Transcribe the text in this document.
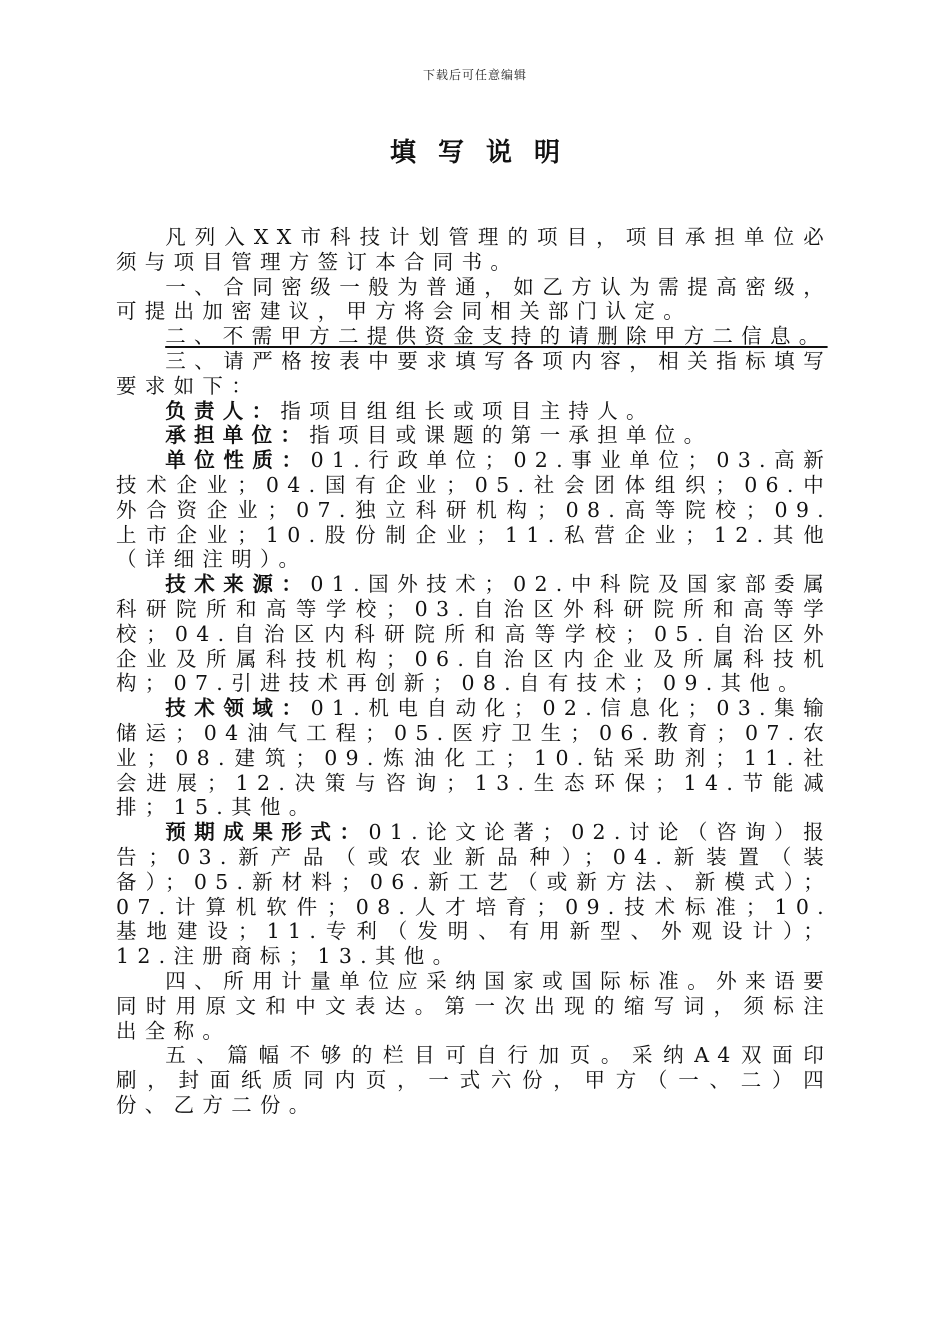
下载后可任意编辑
填写说明

凡列入XX市科技计划管理的项目，项目承担单位必须与项目管理方签订本合同书。

一、合同密级一般为普通，如乙方认为需提高密级，可提出加密建议，甲方将会同相关部门认定。

二、不需甲方二提供资金支持的请删除甲方二信息。

三、请严格按表中要求填写各项内容，相关指标填写要求如下：

负责人：指项目组组长或项目主持人。

承担单位：指项目或课题的第一承担单位。

单位性质：01.行政单位；02.事业单位；03.高新技术企业；04.国有企业；05.社会团体组织；06.中外合资企业；07.独立科研机构；08.高等院校；09.上市企业；10.股份制企业；11.私营企业；12.其他（详细注明）。

技术来源：01.国外技术；02.中科院及国家部委属科研院所和高等学校；03.自治区外科研院所和高等学校；04.自治区内科研院所和高等学校；05.自治区外企业及所属科技机构；06.自治区内企业及所属科技机构；07.引进技术再创新；08.自有技术；09.其他。

技术领域：01.机电自动化；02.信息化；03.集输储运；04油气工程；05.医疗卫生；06.教育；07.农业；08.建筑；09.炼油化工；10.钻采助剂；11.社会进展；12.决策与咨询；13.生态环保；14.节能减排；15.其他。

预期成果形式：01.论文论著；02.讨论（咨询）报告；03.新产品（或农业新品种）；04.新装置（装备）；05.新材料；06.新工艺（或新方法、新模式）；07.计算机软件；08.人才培育；09.技术标准；10.基地建设；11.专利（发明、有用新型、外观设计）；12.注册商标；13.其他。

四、所用计量单位应采纳国家或国际标准。外来语要同时用原文和中文表达。第一次出现的缩写词，须标注出全称。

五、篇幅不够的栏目可自行加页。采纳A4双面印刷，封面纸质同内页，一式六份，甲方（一、二）四份、乙方二份。
